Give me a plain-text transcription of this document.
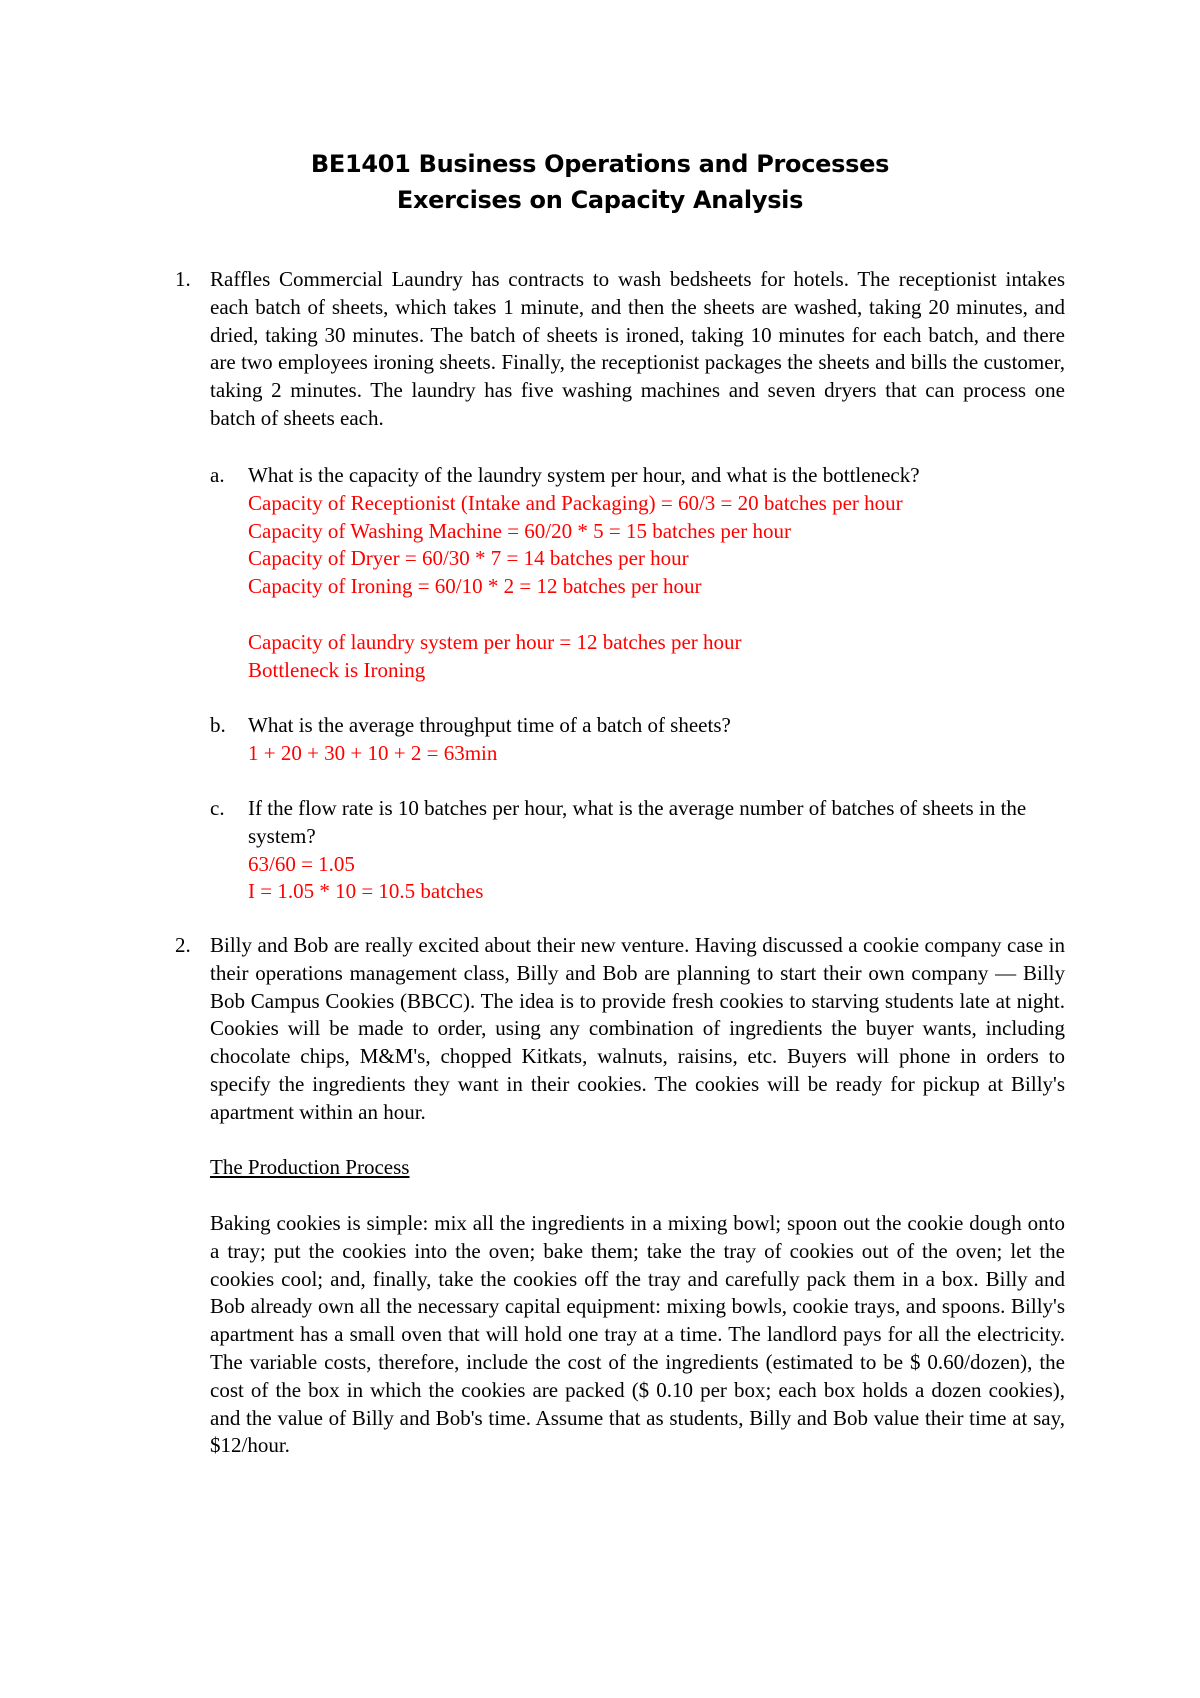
BE1401 Business Operations and Processes
Exercises on Capacity Analysis
1. Raffles Commercial Laundry has contracts to wash bedsheets for hotels. The receptionist intakes each batch of sheets, which takes 1 minute, and then the sheets are washed, taking 20 minutes, and dried, taking 30 minutes. The batch of sheets is ironed, taking 10 minutes for each batch, and there are two employees ironing sheets. Finally, the receptionist packages the sheets and bills the customer, taking 2 minutes. The laundry has five washing machines and seven dryers that can process one batch of sheets each.
a. What is the capacity of the laundry system per hour, and what is the bottleneck?
Capacity of Receptionist (Intake and Packaging) = 60/3 = 20 batches per hour
Capacity of Washing Machine = 60/20 * 5 = 15 batches per hour
Capacity of Dryer = 60/30 * 7 = 14 batches per hour
Capacity of Ironing = 60/10 * 2 = 12 batches per hour
Capacity of laundry system per hour = 12 batches per hour
Bottleneck is Ironing
b. What is the average throughput time of a batch of sheets?
1 + 20 + 30 + 10 + 2 = 63min
c. If the flow rate is 10 batches per hour, what is the average number of batches of sheets in the system?
63/60 = 1.05
I = 1.05 * 10 = 10.5 batches
2. Billy and Bob are really excited about their new venture. Having discussed a cookie company case in their operations management class, Billy and Bob are planning to start their own company — Billy Bob Campus Cookies (BBCC). The idea is to provide fresh cookies to starving students late at night. Cookies will be made to order, using any combination of ingredients the buyer wants, including chocolate chips, M&M's, chopped Kitkats, walnuts, raisins, etc. Buyers will phone in orders to specify the ingredients they want in their cookies. The cookies will be ready for pickup at Billy's apartment within an hour.

The Production Process

Baking cookies is simple: mix all the ingredients in a mixing bowl; spoon out the cookie dough onto a tray; put the cookies into the oven; bake them; take the tray of cookies out of the oven; let the cookies cool; and, finally, take the cookies off the tray and carefully pack them in a box. Billy and Bob already own all the necessary capital equipment: mixing bowls, cookie trays, and spoons. Billy's apartment has a small oven that will hold one tray at a time. The landlord pays for all the electricity. The variable costs, therefore, include the cost of the ingredients (estimated to be $ 0.60/dozen), the cost of the box in which the cookies are packed ($ 0.10 per box; each box holds a dozen cookies), and the value of Billy and Bob's time. Assume that as students, Billy and Bob value their time at say, $12/hour.
